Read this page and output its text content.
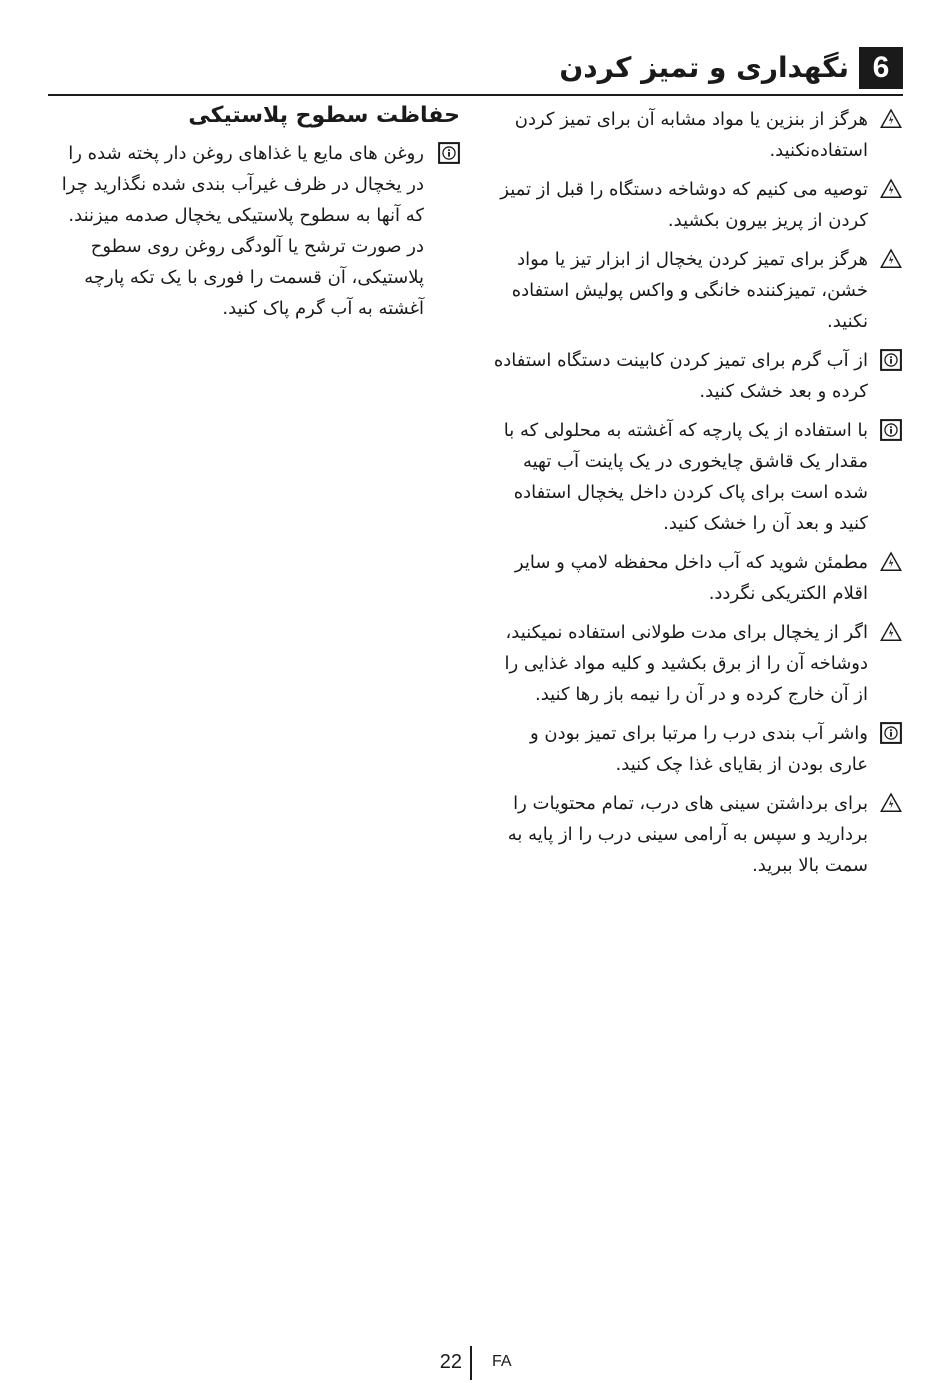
نگهداری و تمیز کردن 6
هرگز از بنزین یا مواد مشابه آن برای تمیز کردن استفاده‌نکنید.
توصیه می کنیم که دوشاخه دستگاه را قبل از تمیز کردن از پریز بیرون بکشید.
هرگز برای تمیز کردن یخچال از ابزار تیز یا مواد خشن، تمیزکننده خانگی و واکس پولیش استفاده نکنید.
از آب گرم برای تمیز کردن کابینت دستگاه استفاده کرده و بعد خشک کنید.
با استفاده از یک پارچه که آغشته به محلولی که با مقدار یک قاشق چایخوری در یک پاینت آب تهیه شده است برای پاک کردن داخل یخچال استفاده کنید و بعد آن را خشک کنید.
مطمئن شوید که آب داخل محفظه لامپ و سایر اقلام الکتریکی نگردد.
اگر از یخچال برای مدت طولانی استفاده نمیکنید، دوشاخه آن را از برق بکشید و کلیه مواد غذایی را از آن خارج کرده و در آن را نیمه باز رها کنید.
واشر آب بندی درب را مرتبا برای تمیز بودن و عاری بودن از بقایای غذا چک کنید.
برای برداشتن سینی های درب، تمام محتویات را بردارید و سپس به آرامی سینی درب را از پایه به سمت بالا ببرید.
حفاظت سطوح پلاستیکی
روغن های مایع یا غذاهای روغن دار پخته شده را در یخچال در ظرف غیرآب بندی شده نگذارید چرا که آنها به سطوح پلاستیکی یخچال صدمه میزنند. در صورت ترشح یا آلودگی روغن روی سطوح پلاستیکی، آن قسمت را فوری با یک تکه پارچه آغشته به آب گرم پاک کنید.
22 FA
